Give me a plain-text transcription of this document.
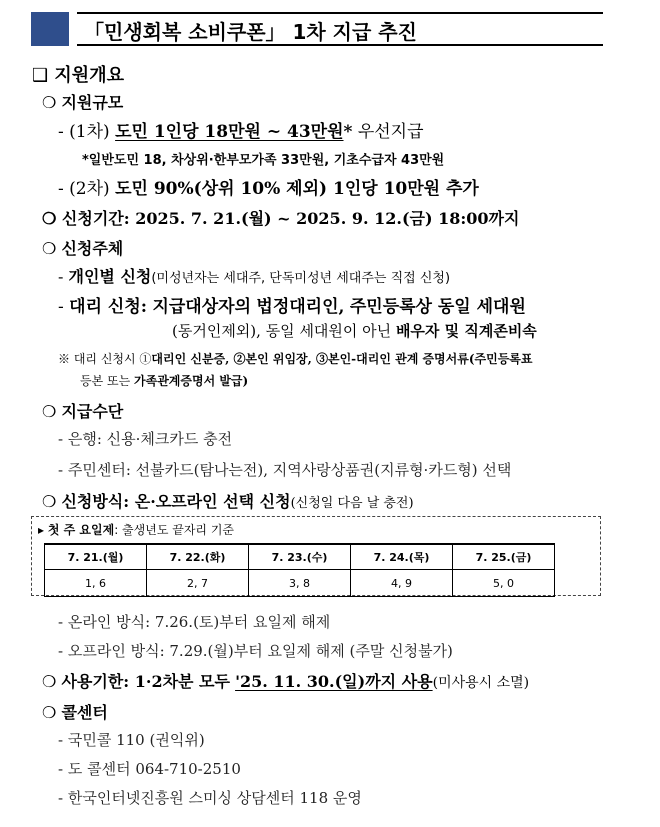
「민생회복 소비쿠폰」 1차 지급 추진
❑ 지원개요
❍ 지원규모
- (1차) 도민 1인당 18만원 ~ 43만원* 우선지급
*일반도민 18, 차상위·한부모가족 33만원, 기초수급자 43만원
- (2차) 도민 90%(상위 10% 제외) 1인당 10만원 추가
❍ 신청기간: 2025. 7. 21.(월) ~ 2025. 9. 12.(금) 18:00까지
❍ 신청주체
- 개인별 신청(미성년자는 세대주, 단독미성년 세대주는 직접 신청)
- 대리 신청: 지급대상자의 법정대리인, 주민등록상 동일 세대원
(동거인제외), 동일 세대원이 아닌 배우자 및 직계존비속
※ 대리 신청시 ①대리인 신분증, ②본인 위임장, ③본인-대리인 관계 증명서류(주민등록표
등본 또는 가족관계증명서 발급)
❍ 지급수단
- 은행: 신용·체크카드 충전
- 주민센터: 선불카드(탐나는전), 지역사랑상품권(지류형·카드형) 선택
❍ 신청방식: 온·오프라인 선택 신청(신청일 다음 날 충전)
▸ 첫 주 요일제: 출생년도 끝자리 기준
7. 21.(월)	7. 22.(화)	7. 23.(수)	7. 24.(목)	7. 25.(금)
1, 6	2, 7	3, 8	4, 9	5, 0
- 온라인 방식: 7.26.(토)부터 요일제 해제
- 오프라인 방식: 7.29.(월)부터 요일제 해제 (주말 신청불가)
❍ 사용기한: 1·2차분 모두 '25. 11. 30.(일)까지 사용(미사용시 소멸)
❍ 콜센터
- 국민콜 110 (권익위)
- 도 콜센터 064-710-2510
- 한국인터넷진흥원 스미싱 상담센터 118 운영
